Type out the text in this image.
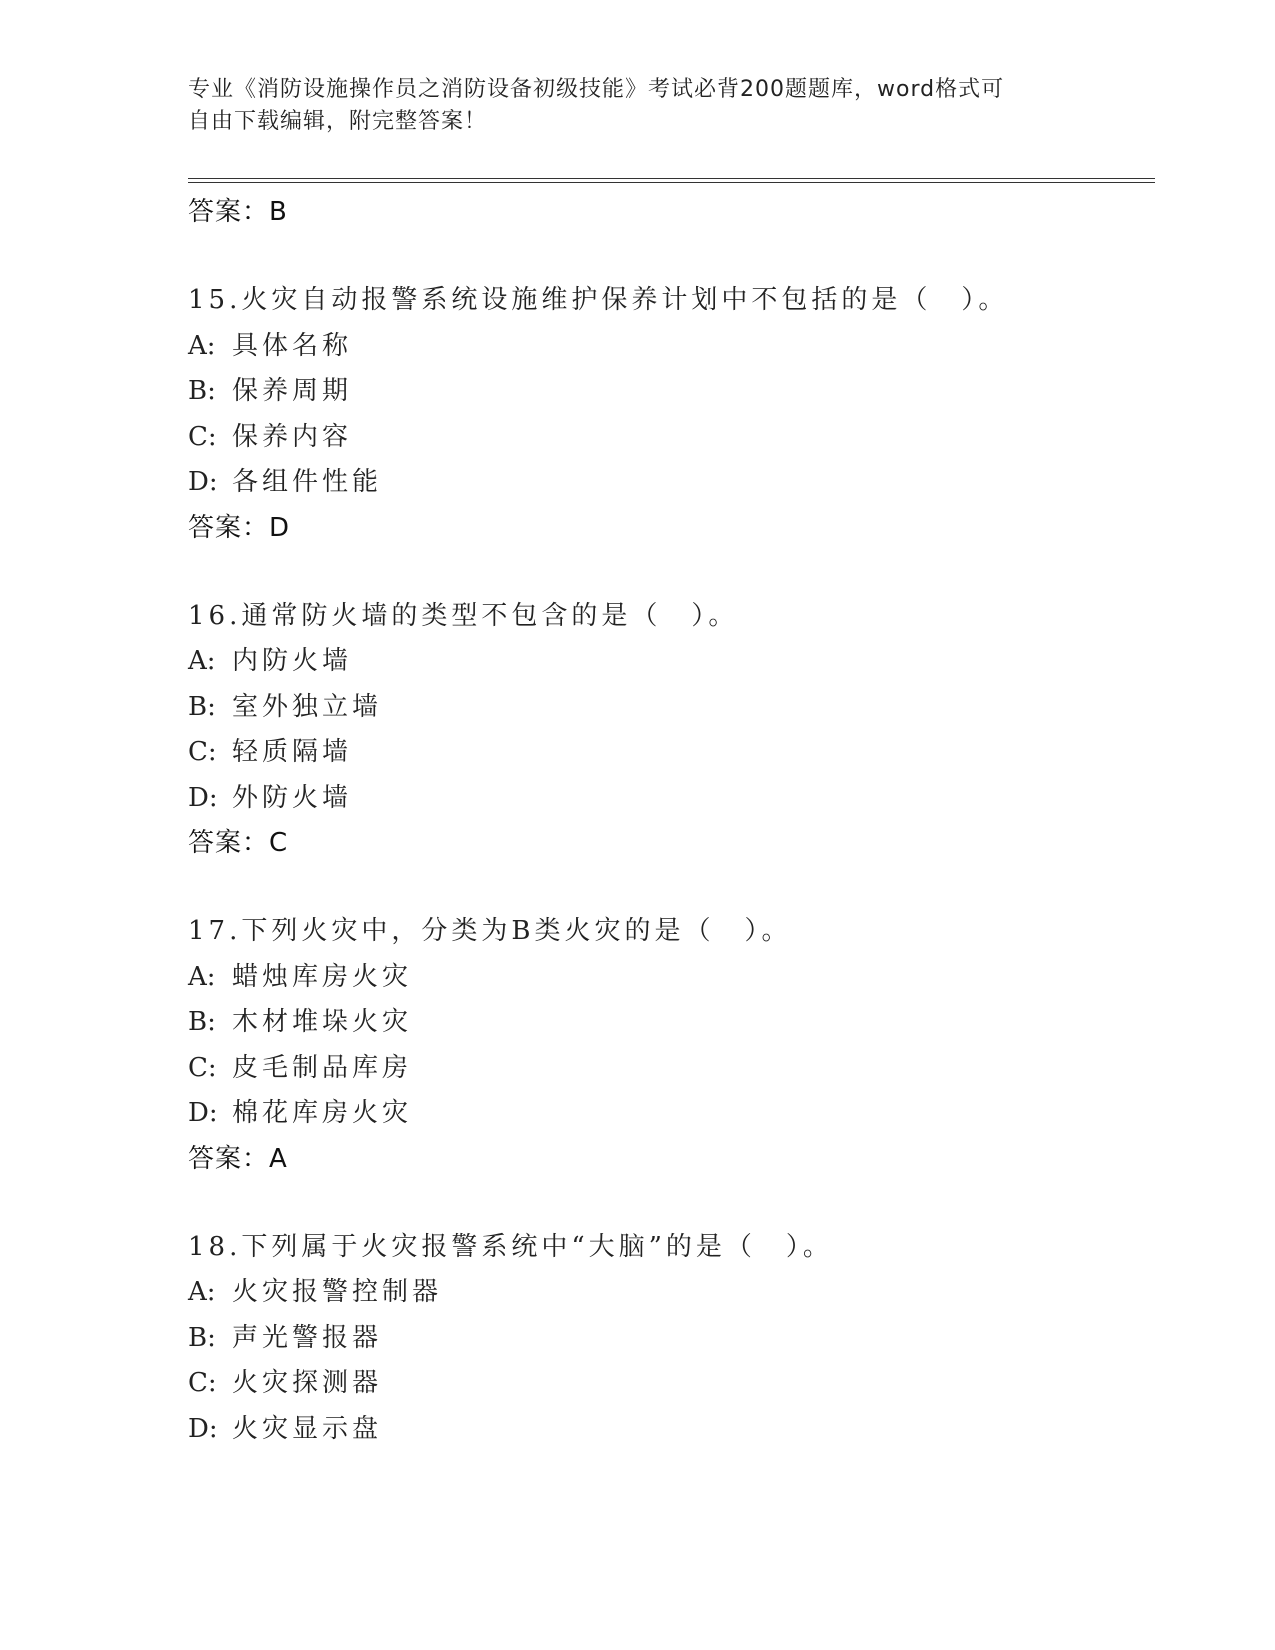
专业《消防设施操作员之消防设备初级技能》考试必背200题题库，word格式可
自由下载编辑，附完整答案！
答案：B
15.火灾自动报警系统设施维护保养计划中不包括的是（　）。
A: 具体名称
B: 保养周期
C: 保养内容
D: 各组件性能
答案：D
16.通常防火墙的类型不包含的是（　）。
A: 内防火墙
B: 室外独立墙
C: 轻质隔墙
D: 外防火墙
答案：C
17.下列火灾中，分类为B类火灾的是（　）。
A: 蜡烛库房火灾
B: 木材堆垛火灾
C: 皮毛制品库房
D: 棉花库房火灾
答案：A
18.下列属于火灾报警系统中“大脑”的是（　）。
A: 火灾报警控制器
B: 声光警报器
C: 火灾探测器
D: 火灾显示盘
